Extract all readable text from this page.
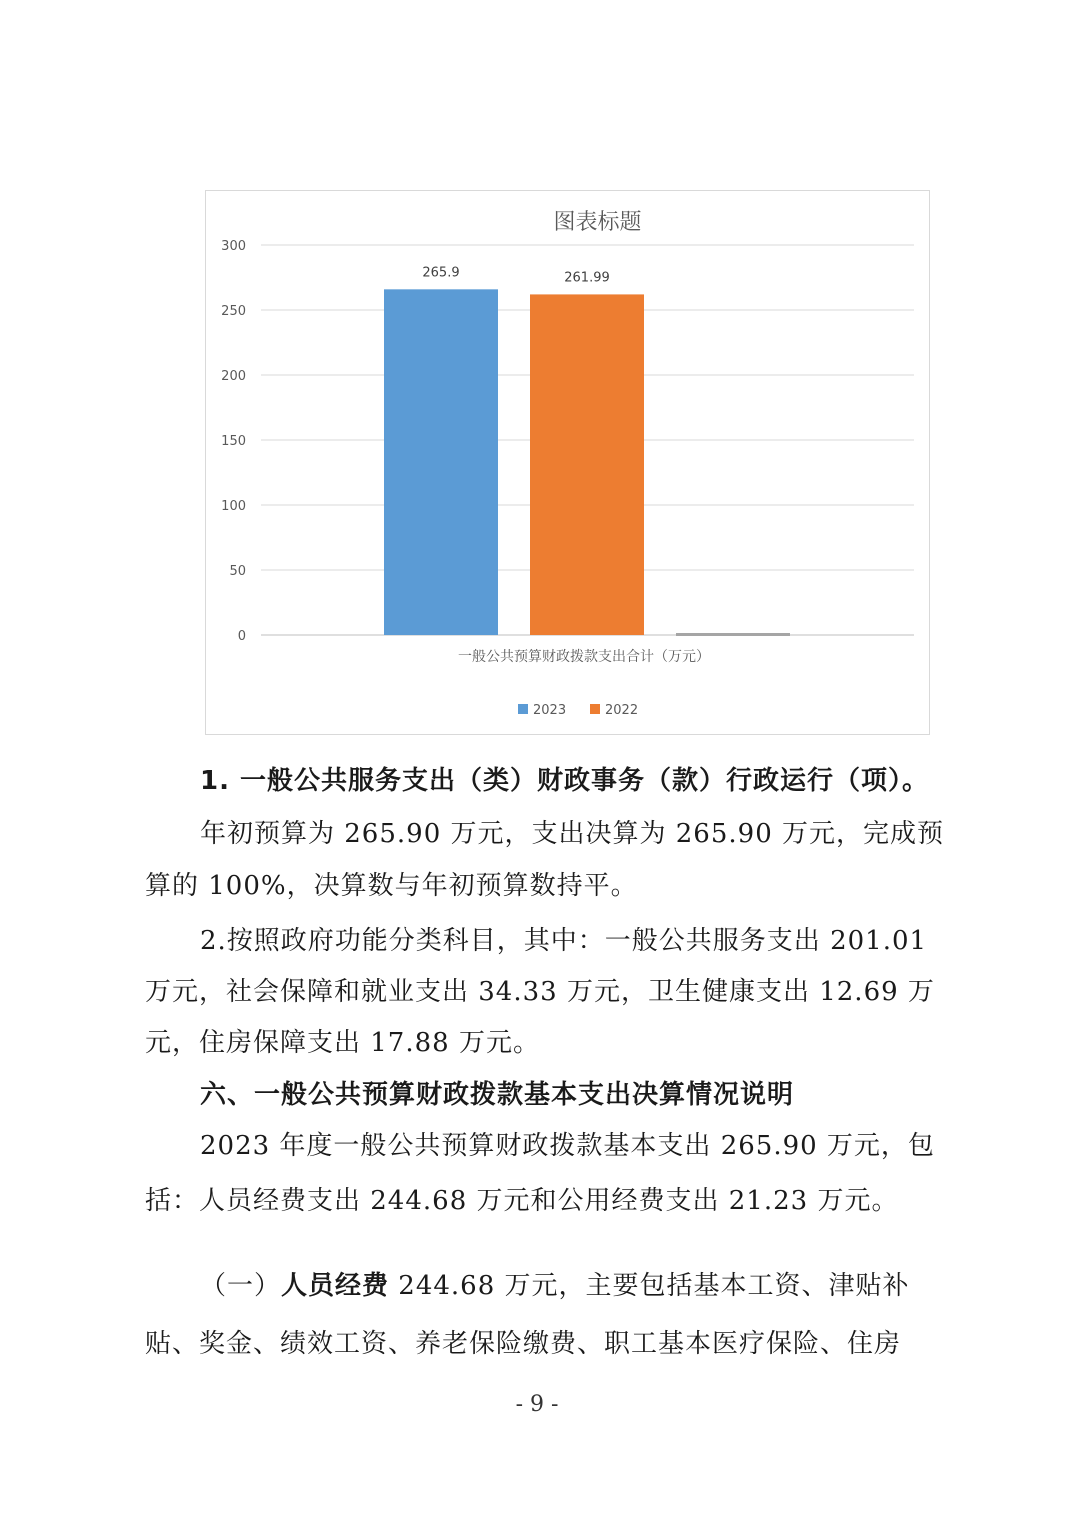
图表标题
0
50
100
150
200
250
300
265.9	261.99
一般公共预算财政拨款支出合计（万元）
2023	2022
1. 一般公共服务支出（类）财政事务（款）行政运行（项）。
年初预算为 265.90 万元，支出决算为 265.90 万元，完成预
算的 100%，决算数与年初预算数持平。
2.按照政府功能分类科目，其中：一般公共服务支出 201.01
万元，社会保障和就业支出 34.33 万元，卫生健康支出 12.69 万
元，住房保障支出 17.88 万元。
六、一般公共预算财政拨款基本支出决算情况说明
2023 年度一般公共预算财政拨款基本支出 265.90 万元，包
括：人员经费支出 244.68 万元和公用经费支出 21.23 万元。
（一）人员经费 244.68 万元，主要包括基本工资、津贴补
贴、奖金、绩效工资、养老保险缴费、职工基本医疗保险、住房
- 9 -
